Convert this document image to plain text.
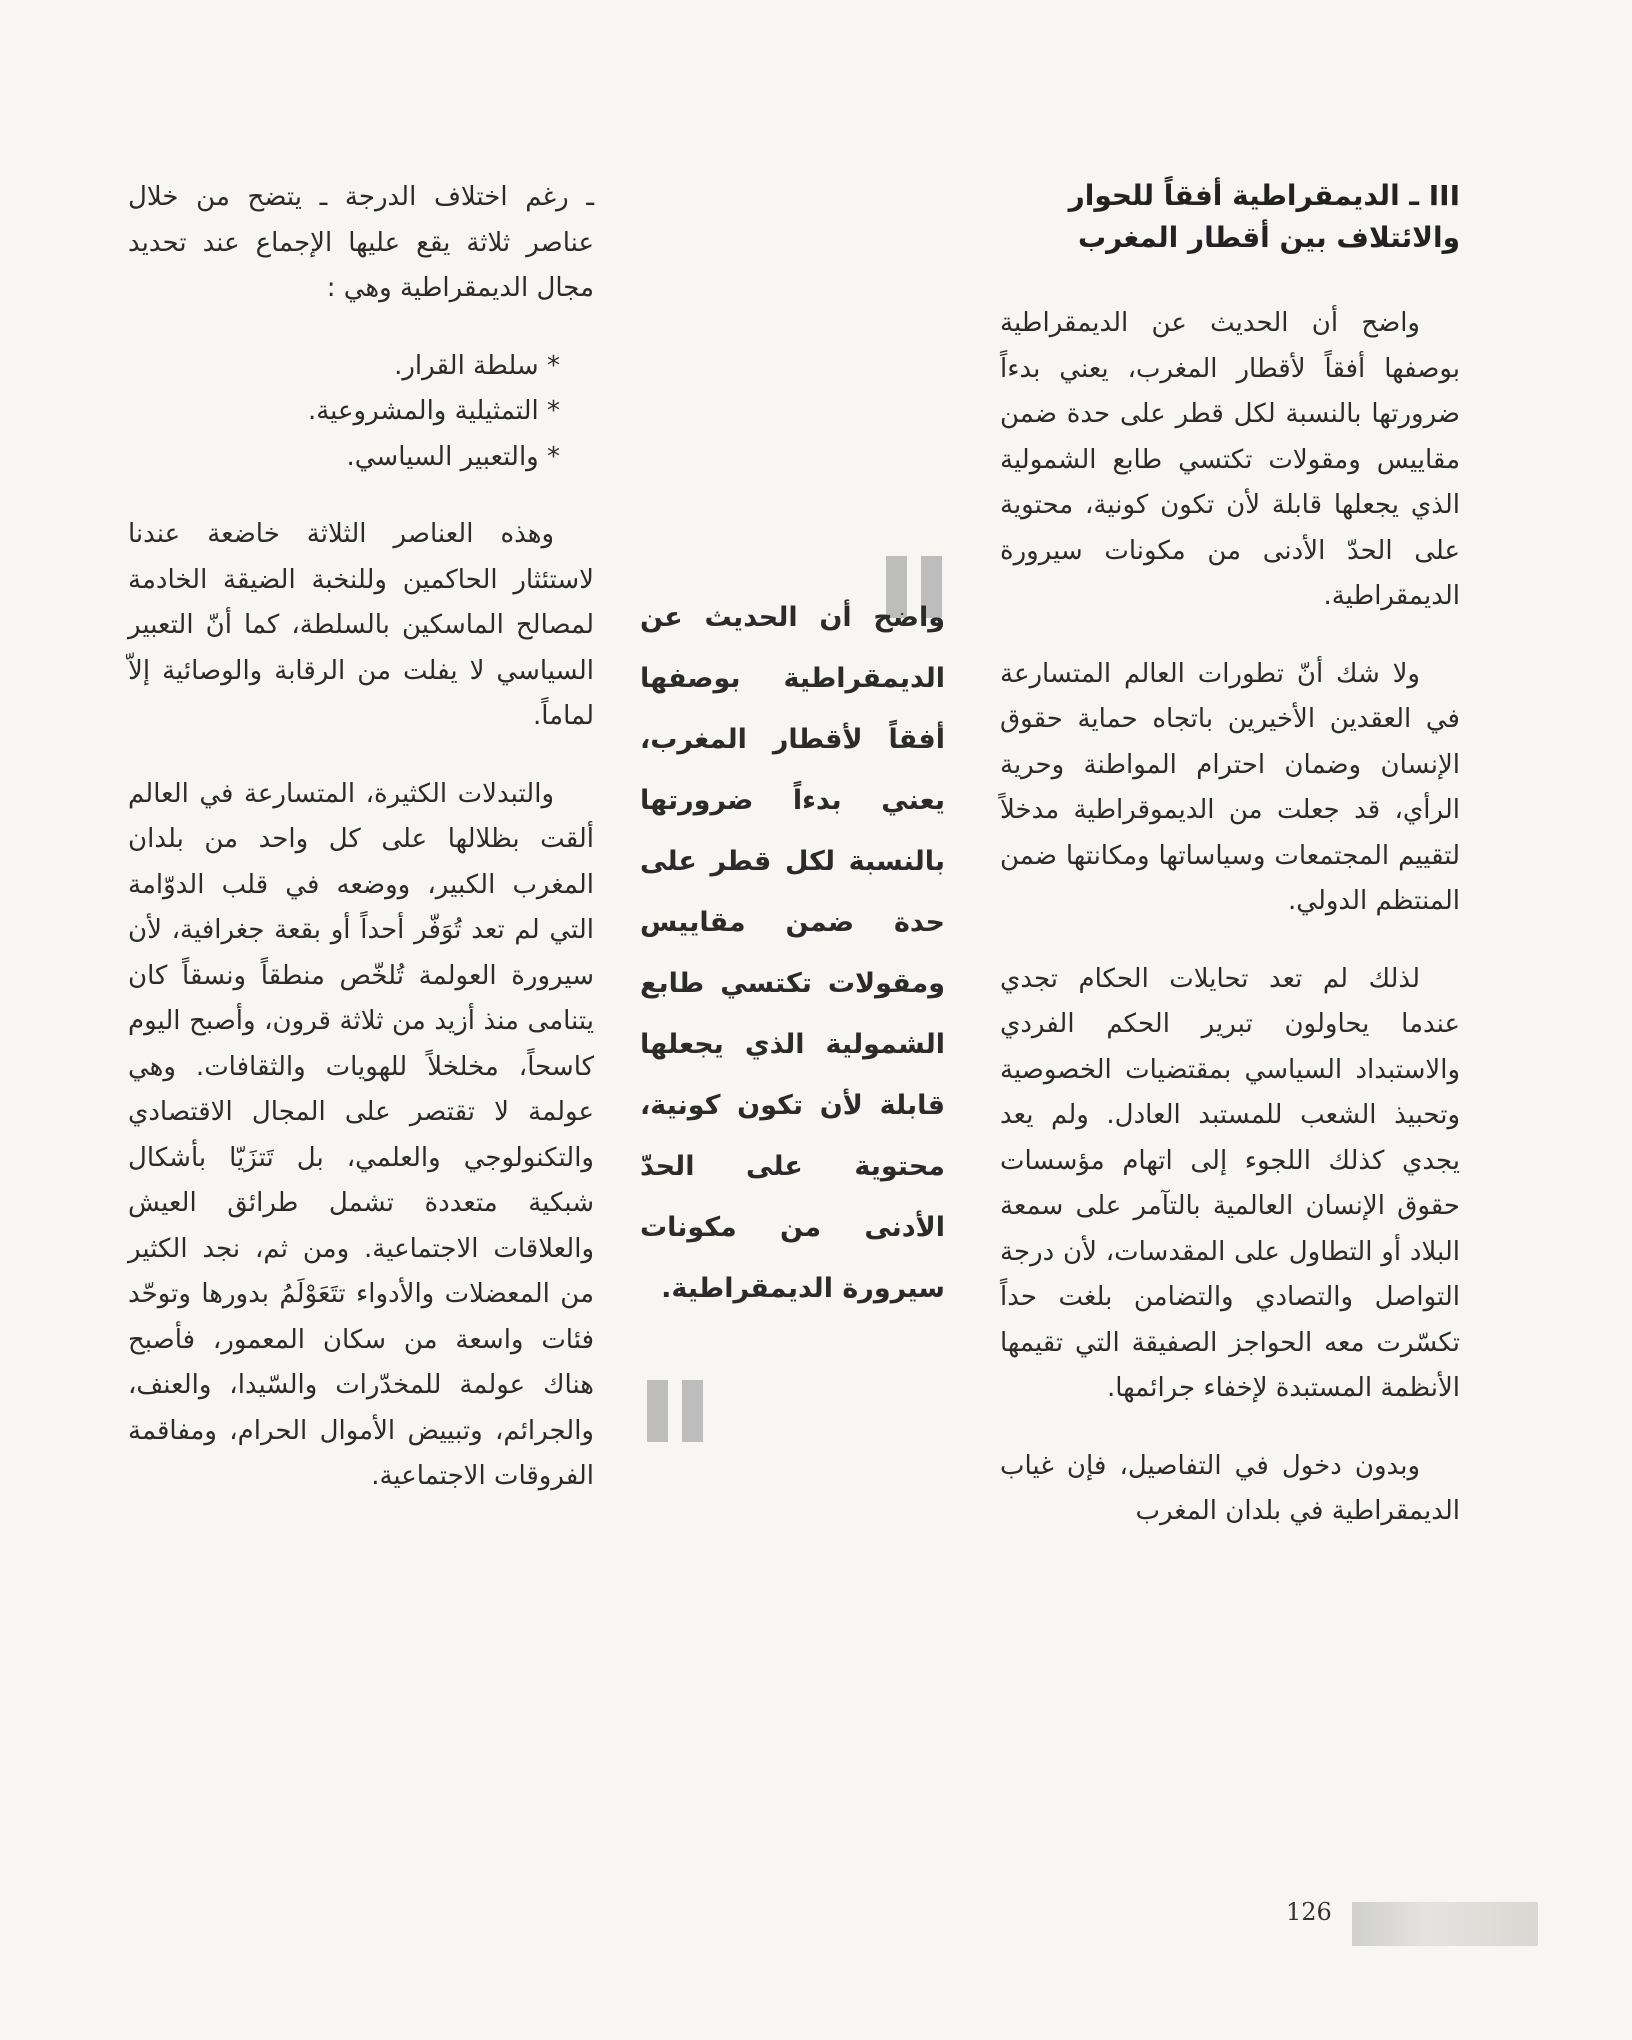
III ـ الديمقراطية أفقاً للحوار والائتلاف بين أقطار المغرب

واضح أن الحديث عن الديمقراطية بوصفها أفقاً لأقطار المغرب، يعني بدءاً ضرورتها بالنسبة لكل قطر على حدة ضمن مقاييس ومقولات تكتسي طابع الشمولية الذي يجعلها قابلة لأن تكون كونية، محتوية على الحدّ الأدنى من مكونات سيرورة الديمقراطية.

ولا شك أنّ تطورات العالم المتسارعة في العقدين الأخيرين باتجاه حماية حقوق الإنسان وضمان احترام المواطنة وحرية الرأي، قد جعلت من الديموقراطية مدخلاً لتقييم المجتمعات وسياساتها ومكانتها ضمن المنتظم الدولي.

لذلك لم تعد تحايلات الحكام تجدي عندما يحاولون تبرير الحكم الفردي والاستبداد السياسي بمقتضيات الخصوصية وتحبيذ الشعب للمستبد العادل. ولم يعد يجدي كذلك اللجوء إلى اتهام مؤسسات حقوق الإنسان العالمية بالتآمر على سمعة البلاد أو التطاول على المقدسات، لأن درجة التواصل والتصادي والتضامن بلغت حداً تكسّرت معه الحواجز الصفيقة التي تقيمها الأنظمة المستبدة لإخفاء جرائمها.

وبدون دخول في التفاصيل، فإن غياب الديمقراطية في بلدان المغرب

واضح أن الحديث عن الديمقراطية بوصفها أفقاً لأقطار المغرب، يعني بدءاً ضرورتها بالنسبة لكل قطر على حدة ضمن مقاييس ومقولات تكتسي طابع الشمولية الذي يجعلها قابلة لأن تكون كونية، محتوية على الحدّ الأدنى من مكونات سيرورة الديمقراطية.

ـ رغم اختلاف الدرجة ـ يتضح من خلال عناصر ثلاثة يقع عليها الإجماع عند تحديد مجال الديمقراطية وهي :

* سلطة القرار.
* التمثيلية والمشروعية.
* والتعبير السياسي.

وهذه العناصر الثلاثة خاضعة عندنا لاستئثار الحاكمين وللنخبة الضيقة الخادمة لمصالح الماسكين بالسلطة، كما أنّ التعبير السياسي لا يفلت من الرقابة والوصائية إلاّ لماماً.

والتبدلات الكثيرة، المتسارعة في العالم ألقت بظلالها على كل واحد من بلدان المغرب الكبير، ووضعه في قلب الدوّامة التي لم تعد تُوَفّر أحداً أو بقعة جغرافية، لأن سيرورة العولمة تُلخّص منطقاً ونسقاً كان يتنامى منذ أزيد من ثلاثة قرون، وأصبح اليوم كاسحاً، مخلخلاً للهويات والثقافات. وهي عولمة لا تقتصر على المجال الاقتصادي والتكنولوجي والعلمي، بل تَتزَيّا بأشكال شبكية متعددة تشمل طرائق العيش والعلاقات الاجتماعية. ومن ثم، نجد الكثير من المعضلات والأدواء تتَعَوْلَمُ بدورها وتوحّد فئات واسعة من سكان المعمور، فأصبح هناك عولمة للمخدّرات والسّيدا، والعنف، والجرائم، وتبييض الأموال الحرام، ومفاقمة الفروقات الاجتماعية.

126
